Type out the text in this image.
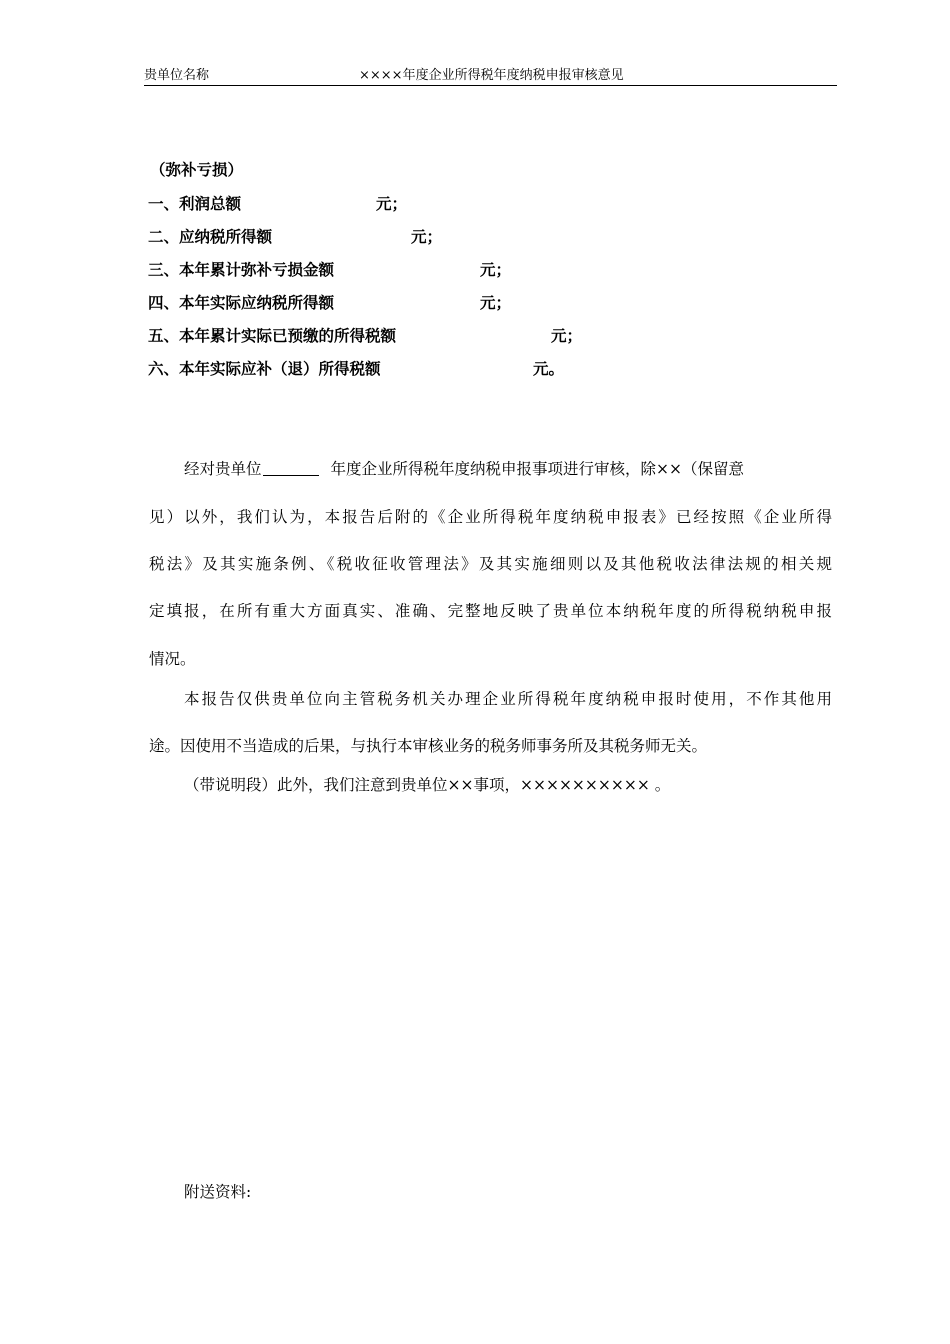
贵单位名称	××××年度企业所得税年度纳税申报审核意见
（弥补亏损）
一、利润总额	元；
二、应纳税所得额	元；
三、本年累计弥补亏损金额	元；
四、本年实际应纳税所得额	元；
五、本年累计实际已预缴的所得税额	元；
六、本年实际应补（退）所得税额	元。
经对贵单位	年度企业所得税年度纳税申报事项进行审核，除××（保留意
见）以外，我们认为，本报告后附的《企业所得税年度纳税申报表》已经按照《企业所得
税法》及其实施条例、《税收征收管理法》及其实施细则以及其他税收法律法规的相关规
定填报，在所有重大方面真实、准确、完整地反映了贵单位本纳税年度的所得税纳税申报
情况。
本报告仅供贵单位向主管税务机关办理企业所得税年度纳税申报时使用，不作其他用
途。因使用不当造成的后果，与执行本审核业务的税务师事务所及其税务师无关。
（带说明段）此外，我们注意到贵单位××事项，×××××××××× 。
附送资料:
